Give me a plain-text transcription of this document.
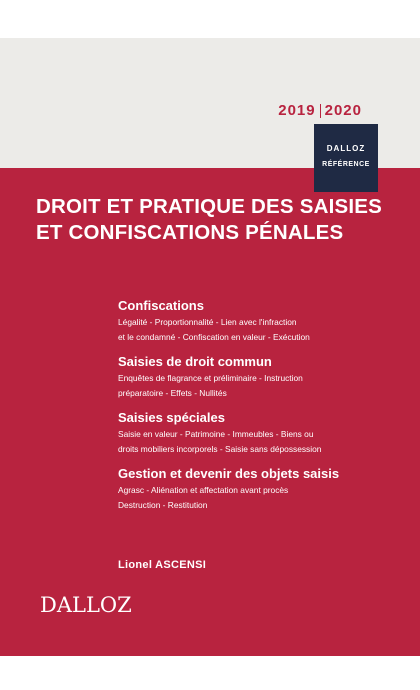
2019 2020
DALLOZ
RÉFÉRENCE
DROIT ET PRATIQUE DES SAISIES
ET CONFISCATIONS PÉNALES
Confiscations
Légalité - Proportionnalité - Lien avec l'infraction
et le condamné - Confiscation en valeur - Exécution
Saisies de droit commun
Enquêtes de flagrance et préliminaire - Instruction
préparatoire - Effets - Nullités
Saisies spéciales
Saisie en valeur - Patrimoine - Immeubles - Biens ou
droits mobiliers incorporels - Saisie sans dépossession
Gestion et devenir des objets saisis
Agrasc - Aliénation et affectation avant procès
Destruction - Restitution
Lionel ASCENSI
DALLOZ
